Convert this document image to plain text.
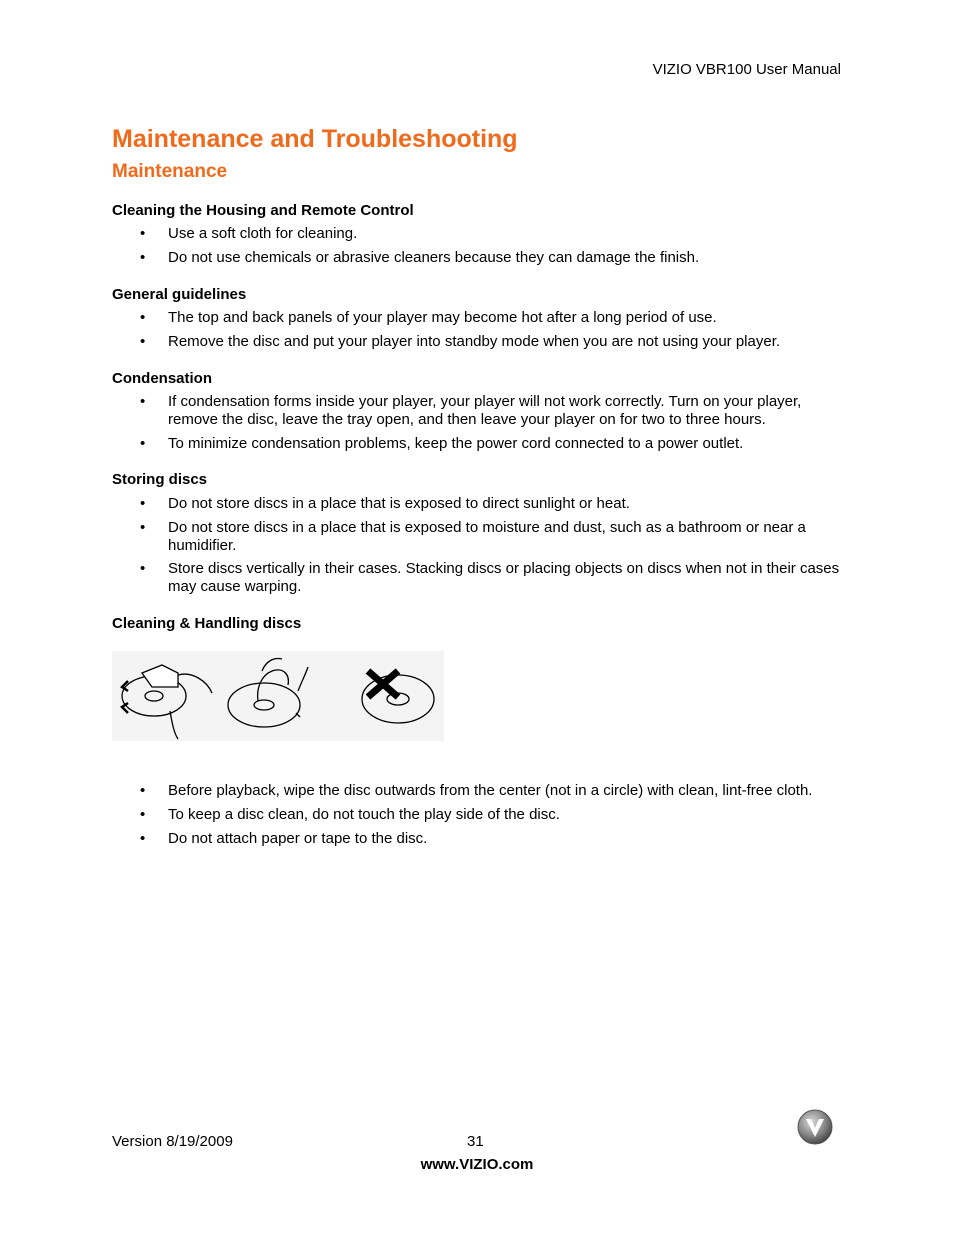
VIZIO VBR100 User Manual
Maintenance and Troubleshooting
Maintenance
Cleaning the Housing and Remote Control
•	Use a soft cloth for cleaning.
•	Do not use chemicals or abrasive cleaners because they can damage the finish.
General guidelines
•	The top and back panels of your player may become hot after a long period of use.
•	Remove the disc and put your player into standby mode when you are not using your player.
Condensation
•	If condensation forms inside your player, your player will not work correctly. Turn on your player, remove the disc, leave the tray open, and then leave your player on for two to three hours.
•	To minimize condensation problems, keep the power cord connected to a power outlet.
Storing discs
•	Do not store discs in a place that is exposed to direct sunlight or heat.
•	Do not store discs in a place that is exposed to moisture and dust, such as a bathroom or near a humidifier.
•	Store discs vertically in their cases. Stacking discs or placing objects on discs when not in their cases may cause warping.
Cleaning & Handling discs
•	Before playback, wipe the disc outwards from the center (not in a circle) with clean, lint-free cloth.
•	To keep a disc clean, do not touch the play side of the disc.
•	Do not attach paper or tape to the disc.
Version 8/19/2009	31
www.VIZIO.com
